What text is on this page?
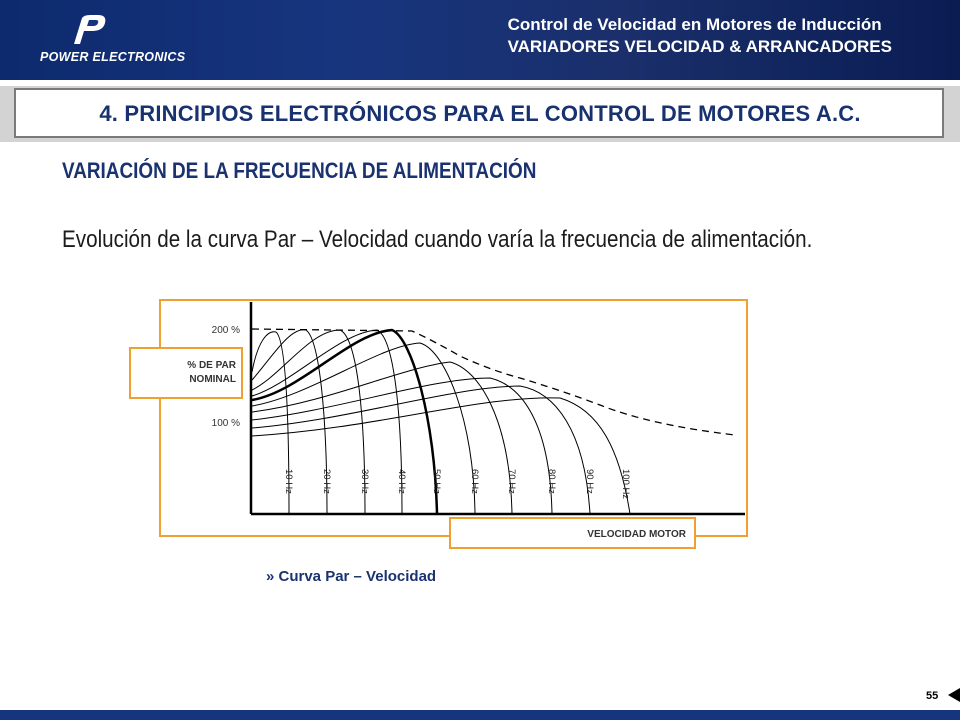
POWER ELECTRONICS
Control de Velocidad en Motores de Inducción
VARIADORES VELOCIDAD & ARRANCADORES
4. PRINCIPIOS ELECTRÓNICOS PARA EL CONTROL DE MOTORES A.C.
VARIACIÓN DE LA FRECUENCIA DE ALIMENTACIÓN
Evolución de la curva Par – Velocidad cuando varía la frecuencia de alimentación.
% DE PAR
NOMINAL
200 %
100 %
10 Hz	20 Hz	30 Hz	40 Hz	50 Hz	60 Hz	70 Hz	80 Hz	90 Hz	100 Hz
VELOCIDAD MOTOR
» Curva Par – Velocidad
55
